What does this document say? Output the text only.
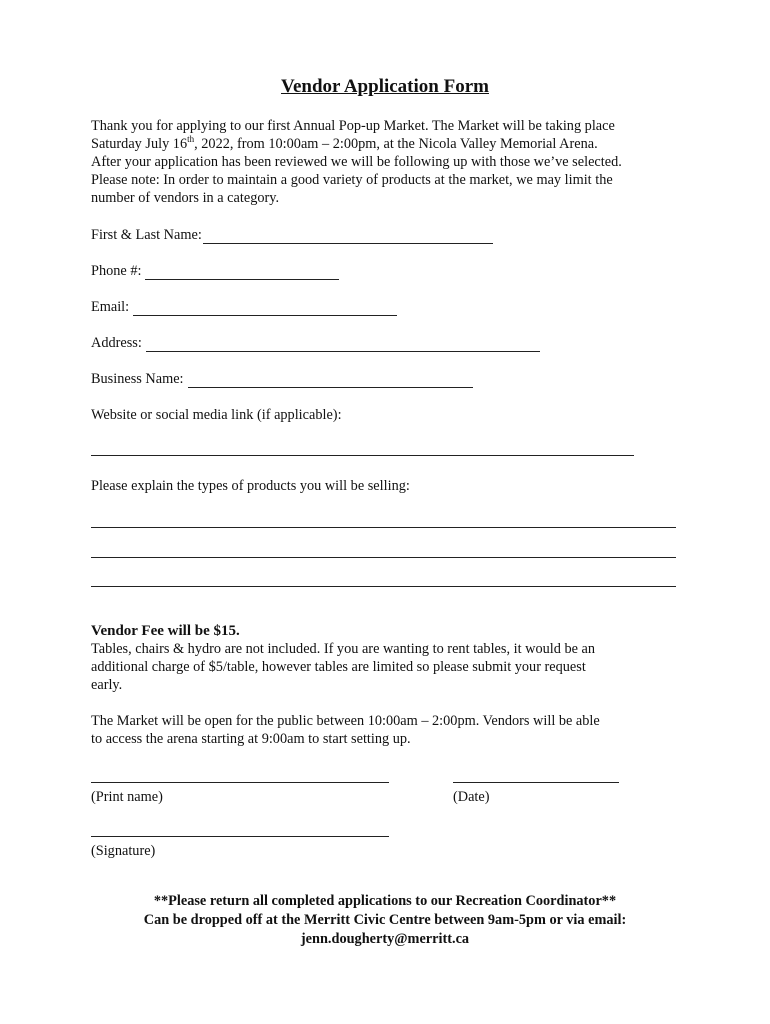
Vendor Application Form
Thank you for applying to our first Annual Pop-up Market. The Market will be taking place
Saturday July 16th, 2022, from 10:00am – 2:00pm, at the Nicola Valley Memorial Arena.
After your application has been reviewed we will be following up with those we’ve selected.
Please note: In order to maintain a good variety of products at the market, we may limit the
number of vendors in a category.
First & Last Name:
Phone #:
Email:
Address:
Business Name:
Website or social media link (if applicable):
Please explain the types of products you will be selling:
Vendor Fee will be $15.
Tables, chairs & hydro are not included. If you are wanting to rent tables, it would be an
additional charge of $5/table, however tables are limited so please submit your request
early.
The Market will be open for the public between 10:00am – 2:00pm. Vendors will be able
to access the arena starting at 9:00am to start setting up.
(Print name)	(Date)
(Signature)
**Please return all completed applications to our Recreation Coordinator**
Can be dropped off at the Merritt Civic Centre between 9am-5pm or via email:
jenn.dougherty@merritt.ca
